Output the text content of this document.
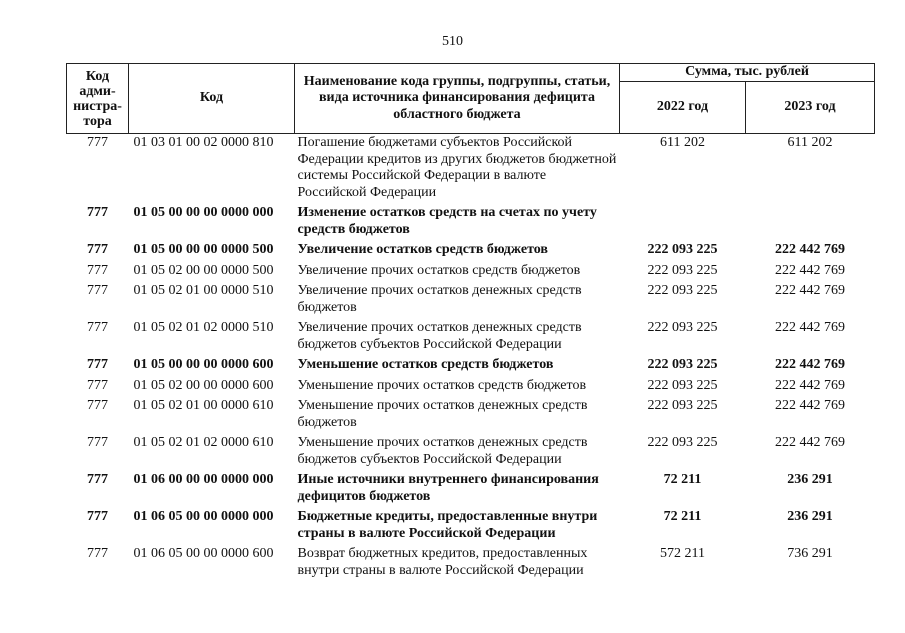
510
Код адми-нистра-тора	Код	Наименование кода группы, подгруппы, статьи, вида источника финансирования дефицита областного бюджета	Сумма, тыс. рублей	
			2022 год	2023 год
777	01 03 01 00 02 0000 810	Погашение бюджетами субъектов Российской Федерации кредитов из других бюджетов бюджетной системы Российской Федерации в валюте Российской Федерации	611 202	611 202
777	01 05 00 00 00 0000 000	Изменение остатков средств на счетах по учету средств бюджетов		
777	01 05 00 00 00 0000 500	Увеличение остатков средств бюджетов	222 093 225	222 442 769
777	01 05 02 00 00 0000 500	Увеличение прочих остатков средств бюджетов	222 093 225	222 442 769
777	01 05 02 01 00 0000 510	Увеличение прочих остатков денежных средств бюджетов	222 093 225	222 442 769
777	01 05 02 01 02 0000 510	Увеличение прочих остатков денежных средств бюджетов субъектов Российской Федерации	222 093 225	222 442 769
777	01 05 00 00 00 0000 600	Уменьшение остатков средств бюджетов	222 093 225	222 442 769
777	01 05 02 00 00 0000 600	Уменьшение прочих остатков средств бюджетов	222 093 225	222 442 769
777	01 05 02 01 00 0000 610	Уменьшение прочих остатков денежных средств бюджетов	222 093 225	222 442 769
777	01 05 02 01 02 0000 610	Уменьшение прочих остатков денежных средств бюджетов субъектов Российской Федерации	222 093 225	222 442 769
777	01 06 00 00 00 0000 000	Иные источники внутреннего финансирования дефицитов бюджетов	72 211	236 291
777	01 06 05 00 00 0000 000	Бюджетные кредиты, предоставленные внутри страны в валюте Российской Федерации	72 211	236 291
777	01 06 05 00 00 0000 600	Возврат бюджетных кредитов, предоставленных внутри страны в валюте Российской Федерации	572 211	736 291
